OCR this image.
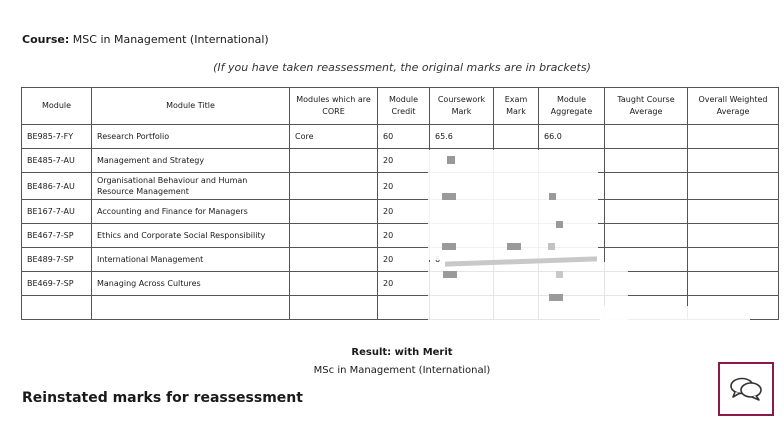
Course: MSC in Management (International)
(If you have taken reassessment, the original marks are in brackets)
Module	Module Title	Modules which are CORE	Module Credit	Coursework Mark	Exam Mark	Module Aggregate	Taught Course Average	Overall Weighted Average
BE985-7-FY	Research Portfolio	Core	60	65.6		66.0		
BE485-7-AU	Management and Strategy		20					
BE486-7-AU	Organisational Behaviour and Human Resource Management		20					
BE167-7-AU	Accounting and Finance for Managers		20					
BE467-7-SP	Ethics and Corporate Social Responsibility		20					
BE489-7-SP	International Management		20					
BE469-7-SP	Managing Across Cultures		20					

Result: with Merit
MSc in Management (International)
Reinstated marks for reassessment
